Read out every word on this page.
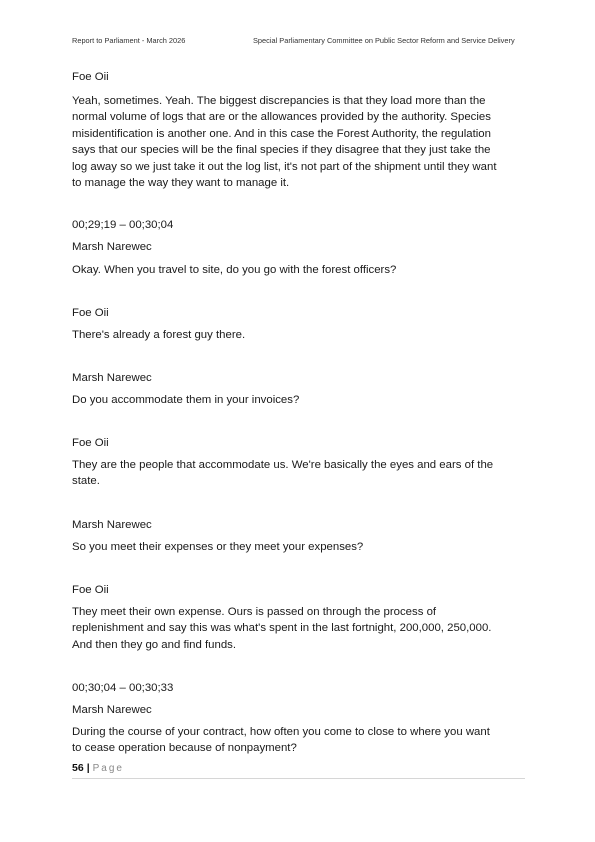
Report to Parliament - March 2026	Special Parliamentary Committee on Public Sector Reform and Service Delivery
Foe Oii
Yeah, sometimes. Yeah. The biggest discrepancies is that they load more than the
normal volume of logs that are or the allowances provided by the authority. Species
misidentification is another one. And in this case the Forest Authority, the regulation
says that our species will be the final species if they disagree that they just take the
log away so we just take it out the log list, it's not part of the shipment until they want
to manage the way they want to manage it.
00;29;19 – 00;30;04
Marsh Narewec
Okay. When you travel to site, do you go with the forest officers?
Foe Oii
There's already a forest guy there.
Marsh Narewec
Do you accommodate them in your invoices?
Foe Oii
They are the people that accommodate us. We're basically the eyes and ears of the
state.
Marsh Narewec
So you meet their expenses or they meet your expenses?
Foe Oii
They meet their own expense. Ours is passed on through the process of
replenishment and say this was what's spent in the last fortnight, 200,000, 250,000.
And then they go and find funds.
00;30;04 – 00;30;33
Marsh Narewec
During the course of your contract, how often you come to close to where you want
to cease operation because of nonpayment?
56 | Page
